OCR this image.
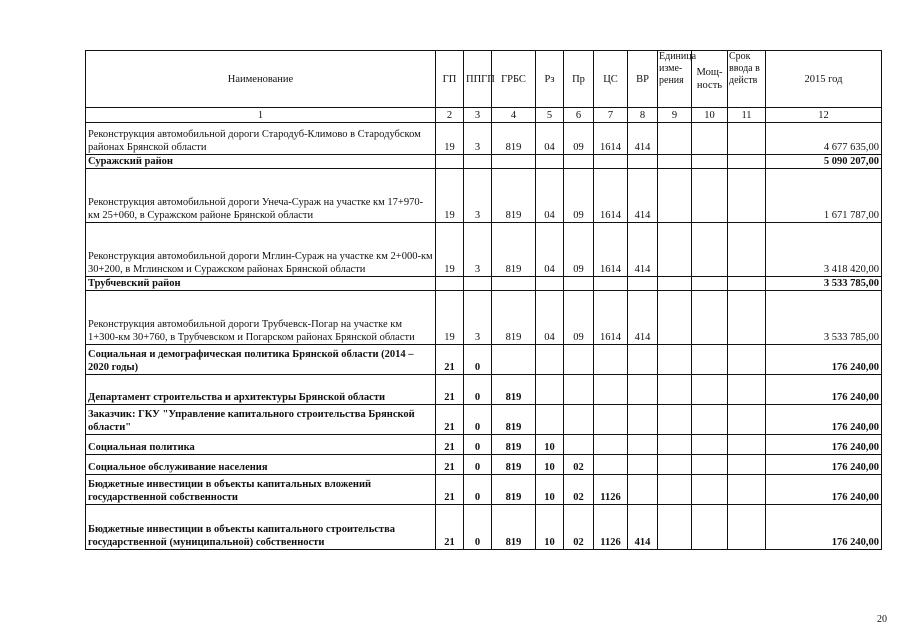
Наименование	ГП	ППГП	ГРБС	Рз	Пр	ЦС	ВР	Единица изме-рения	Мощ-ность	Срок ввода в действ	2015 год
1	2	3	4	5	6	7	8	9	10	11	12
Реконструкция автомобильной дороги Стародуб-Климово в Стародубском районах Брянской области	19	3	819	04	09	1614	414				4 677 635,00
Суражский район											5 090 207,00
Реконструкция автомобильной дороги Унеча-Сураж на участке км 17+970-км 25+060, в Суражском районе Брянской области	19	3	819	04	09	1614	414				1 671 787,00
Реконструкция автомобильной дороги Мглин-Сураж на участке км 2+000-км 30+200, в Мглинском и Суражском районах Брянской области	19	3	819	04	09	1614	414				3 418 420,00
Трубчевский район											3 533 785,00
Реконструкция автомобильной дороги Трубчевск-Погар на участке км 1+300-км 30+760, в Трубчевском и Погарском районах Брянской области	19	3	819	04	09	1614	414				3 533 785,00
Социальная и демографическая политика Брянской области (2014 – 2020 годы)	21	0									176 240,00
Департамент строительства и архитектуры Брянской области	21	0	819								176 240,00
Заказчик: ГКУ "Управление капитального строительства Брянской области"	21	0	819								176 240,00
Социальная политика	21	0	819	10							176 240,00
Социальное обслуживание населения	21	0	819	10	02						176 240,00
Бюджетные инвестиции в объекты капитальных вложений государственной собственности	21	0	819	10	02	1126					176 240,00
Бюджетные инвестиции в объекты капитального строительства государственной (муниципальной) собственности	21	0	819	10	02	1126	414				176 240,00
20
